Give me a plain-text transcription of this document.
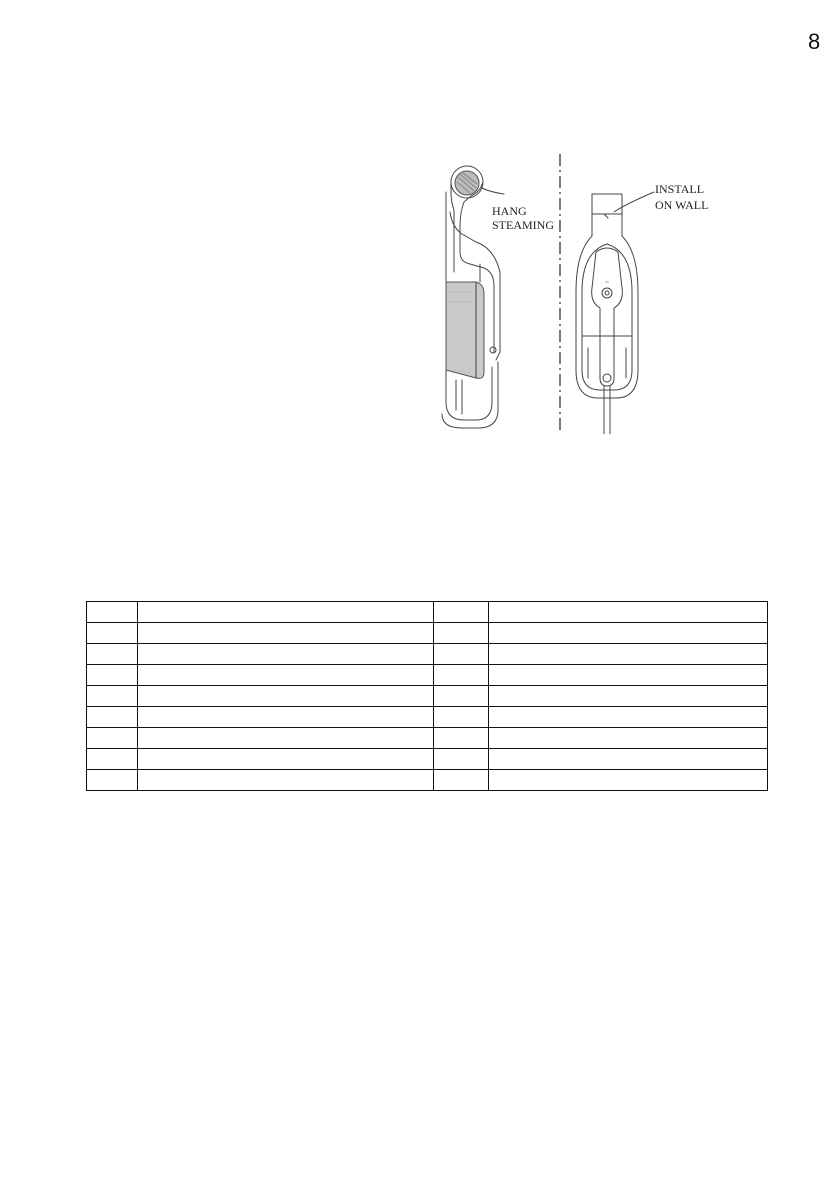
8
HANG
STEAMING
INSTALL
ON WALL
